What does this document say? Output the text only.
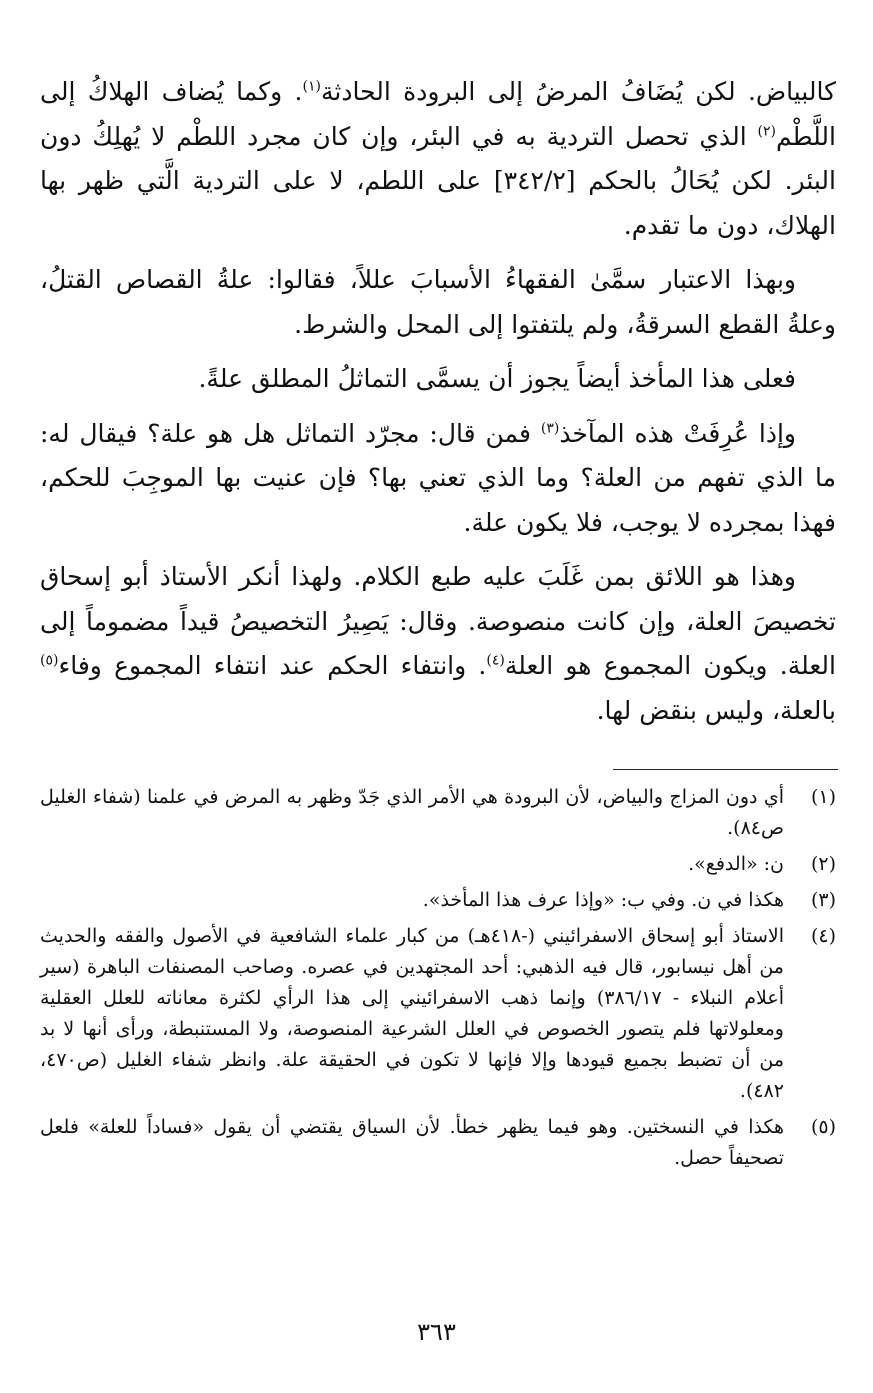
كالبياض. لكن يُضَافُ المرضُ إلى البرودة الحادثة$^{(١)}$. وكما يُضاف الهلاكُ إلى اللَّطْم$^{(٢)}$ الذي تحصل التردية به في البئر، وإن كان مجرد اللطْم لا يُهلِكُ دون البئر. لكن يُحَالُ بالحكم [٣٤٢/٢] على اللطم، لا على التردية الَّتي ظهر بها الهلاك، دون ما تقدم.

وبهذا الاعتبار سمَّىٰ الفقهاءُ الأسبابَ عللاً، فقالوا: علةُ القصاص القتلُ، وعلةُ القطع السرقةُ، ولم يلتفتوا إلى المحل والشرط.

فعلى هذا المأخذ أيضاً يجوز أن يسمَّى التماثلُ المطلق علةً.

وإذا عُرِفَتْ هذه المآخذ$^{(٣)}$ فمن قال: مجرّد التماثل هل هو علة؟ فيقال له: ما الذي تفهم من العلة؟ وما الذي تعني بها؟ فإن عنيت بها الموجِبَ للحكم، فهذا بمجرده لا يوجب، فلا يكون علة.

وهذا هو اللائق بمن غَلَبَ عليه طبع الكلام. ولهذا أنكر الأستاذ أبو إسحاق تخصيصَ العلة، وإن كانت منصوصة. وقال: يَصِيرُ التخصيصُ قيداً مضموماً إلى العلة. ويكون المجموع هو العلة$^{(٤)}$. وانتفاء الحكم عند انتفاء المجموع وفاء$^{(٥)}$ بالعلة، وليس بنقض لها.

(١)
أي دون المزاج والبياض، لأن البرودة هي الأمر الذي جَدّ وظهر به المرض في علمنا (شفاء الغليل ص٨٤).
(٢)
ن: «الدفع».
(٣)
هكذا في ن. وفي ب: «وإذا عرف هذا المأخذ».
(٤)
الاستاذ أبو إسحاق الاسفرائيني (-٤١٨هـ) من كبار علماء الشافعية في الأصول والفقه والحديث من أهل نيسابور، قال فيه الذهبي: أحد المجتهدين في عصره. وصاحب المصنفات الباهرة (سير أعلام النبلاء - ٣٨٦/١٧) وإنما ذهب الاسفرائيني إلى هذا الرأي لكثرة معاناته للعلل العقلية ومعلولاتها فلم يتصور الخصوص في العلل الشرعية المنصوصة، ولا المستنبطة، ورأى أنها لا بد من أن تضبط بجميع قيودها وإلا فإنها لا تكون في الحقيقة علة. وانظر شفاء الغليل (ص٤٧٠، ٤٨٢).
(٥)
هكذا في النسختين. وهو فيما يظهر خطأ. لأن السياق يقتضي أن يقول «فساداً للعلة» فلعل تصحيفاً حصل.
٣٦٣
